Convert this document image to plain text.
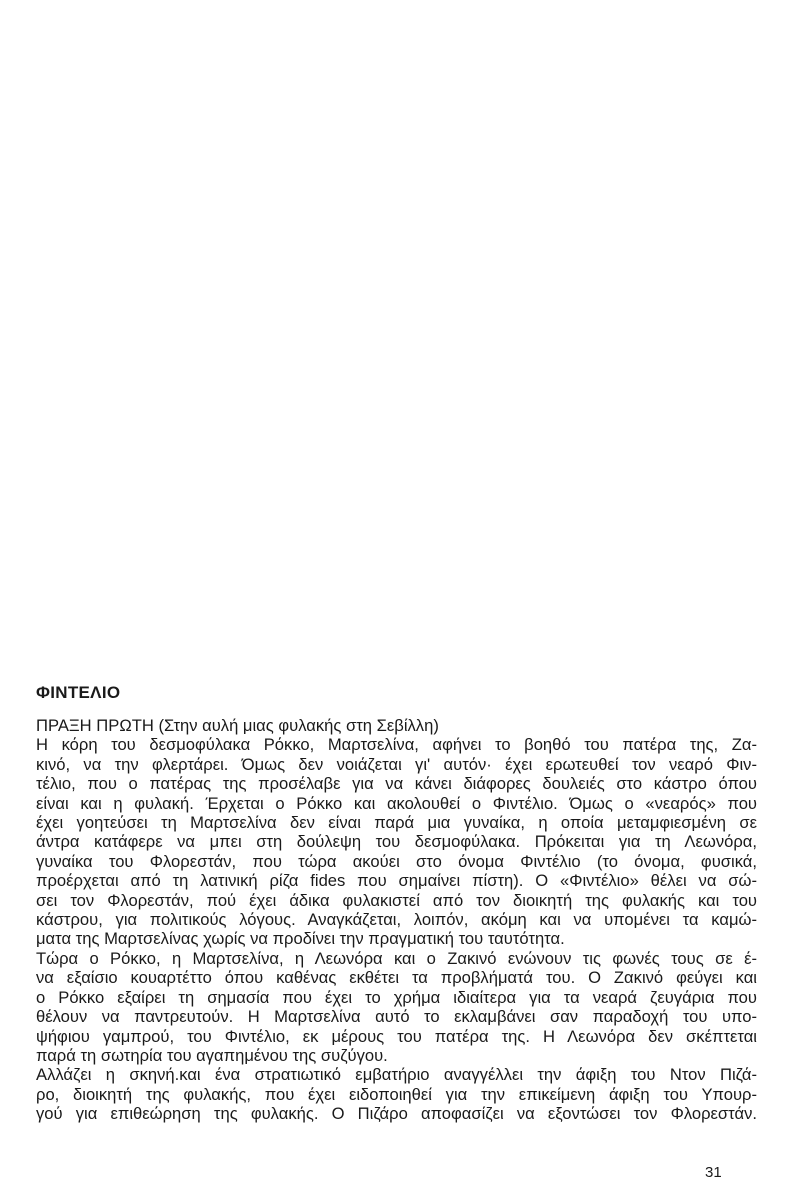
ΦΙΝΤΕΛΙΟ
ΠΡΑΞΗ ΠΡΩΤΗ (Στην αυλή μιας φυλακής στη Σεβίλλη)
Η κόρη του δεσμοφύλακα Ρόκκο, Μαρτσελίνα, αφήνει το βοηθό του πατέρα της, Ζα-
κινό, να την φλερτάρει. Όμως δεν νοιάζεται γι' αυτόν· έχει ερωτευθεί τον νεαρό Φιν-
τέλιο, που ο πατέρας της προσέλαβε για να κάνει διάφορες δουλειές στο κάστρο όπου
είναι και η φυλακή. Έρχεται ο Ρόκκο και ακολουθεί ο Φιντέλιο. Όμως ο «νεαρός» που
έχει γοητεύσει τη Μαρτσελίνα δεν είναι παρά μια γυναίκα, η οποία μεταμφιεσμένη σε
άντρα κατάφερε να μπει στη δούλεψη του δεσμοφύλακα. Πρόκειται για τη Λεωνόρα,
γυναίκα του Φλορεστάν, που τώρα ακούει στο όνομα Φιντέλιο (το όνομα, φυσικά,
προέρχεται από τη λατινική ρίζα fides που σημαίνει πίστη). Ο «Φιντέλιο» θέλει να σώ-
σει τον Φλορεστάν, πού έχει άδικα φυλακιστεί από τον διοικητή της φυλακής και του
κάστρου, για πολιτικούς λόγους. Αναγκάζεται, λοιπόν, ακόμη και να υπομένει τα καμώ-
ματα της Μαρτσελίνας χωρίς να προδίνει την πραγματική του ταυτότητα.
Τώρα ο Ρόκκο, η Μαρτσελίνα, η Λεωνόρα και ο Ζακινό ενώνουν τις φωνές τους σε έ-
να εξαίσιο κουαρτέττο όπου καθένας εκθέτει τα προβλήματά του. Ο Ζακινό φεύγει και
ο Ρόκκο εξαίρει τη σημασία που έχει το χρήμα ιδιαίτερα για τα νεαρά ζευγάρια που
θέλουν να παντρευτούν. Η Μαρτσελίνα αυτό το εκλαμβάνει σαν παραδοχή του υπο-
ψήφιου γαμπρού, του Φιντέλιο, εκ μέρους του πατέρα της. Η Λεωνόρα δεν σκέπτεται
παρά τη σωτηρία του αγαπημένου της συζύγου.
Αλλάζει η σκηνή.και ένα στρατιωτικό εμβατήριο αναγγέλλει την άφιξη του Ντον Πιζά-
ρο, διοικητή της φυλακής, που έχει ειδοποιηθεί για την επικείμενη άφιξη του Υπουρ-
γού για επιθεώρηση της φυλακής. Ο Πιζάρο αποφασίζει να εξοντώσει τον Φλορεστάν.
31
